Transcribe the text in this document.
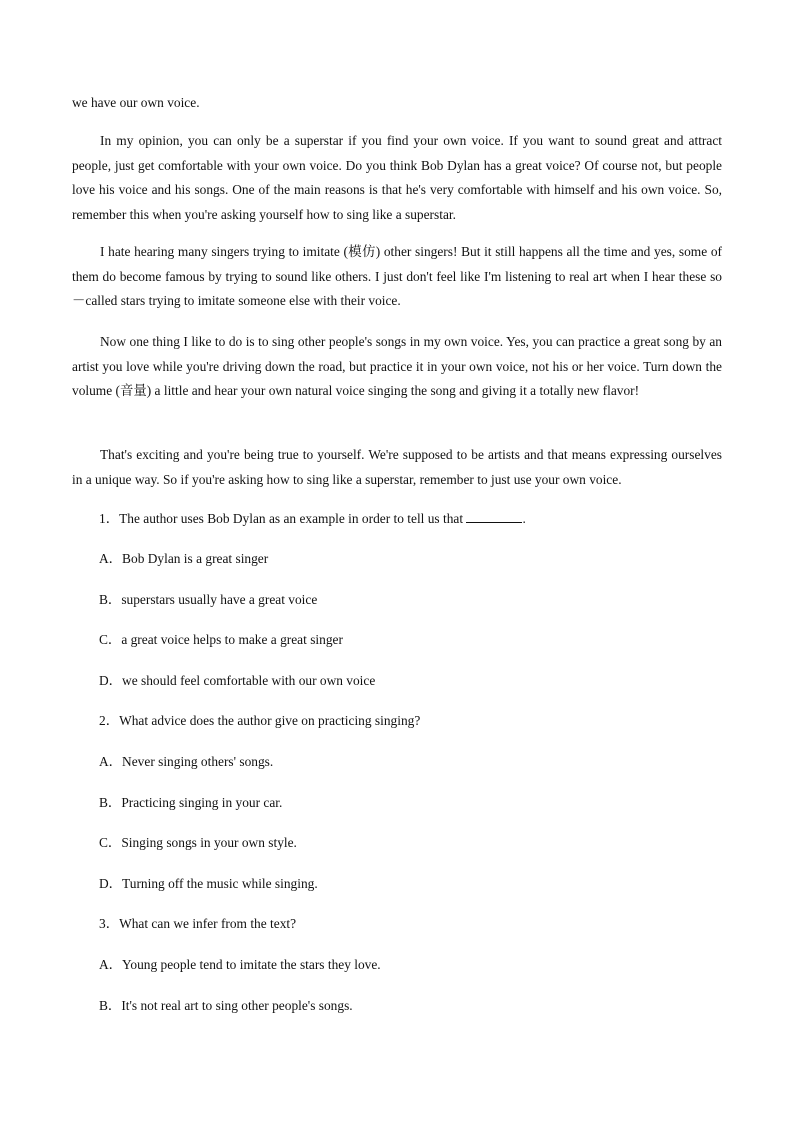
we have our own voice.

In my opinion, you can only be a superstar if you find your own voice. If you want to sound great and attract people, just get comfortable with your own voice. Do you think Bob Dylan has a great voice? Of course not, but people love his voice and his songs. One of the main reasons is that he's very comfortable with himself and his own voice. So, remember this when you're asking yourself how to sing like a superstar.

I hate hearing many singers trying to imitate (模仿) other singers! But it still happens all the time and yes, some of them do become famous by trying to sound like others. I just don't feel like I'm listening to real art when I hear these so－called stars trying to imitate someone else with their voice.

Now one thing I like to do is to sing other people's songs in my own voice. Yes, you can practice a great song by an artist you love while you're driving down the road, but practice it in your own voice, not his or her voice. Turn down the volume (音量) a little and hear your own natural voice singing the song and giving it a totally new flavor!

That's exciting and you're being true to yourself. We're supposed to be artists and that means expressing ourselves in a unique way. So if you're asking how to sing like a superstar, remember to just use your own voice.

1．The author uses Bob Dylan as an example in order to tell us that	.
A．Bob Dylan is a great singer
B．superstars usually have a great voice
C．a great voice helps to make a great singer
D．we should feel comfortable with our own voice
2．What advice does the author give on practicing singing?
A．Never singing others' songs.
B．Practicing singing in your car.
C．Singing songs in your own style.
D．Turning off the music while singing.
3．What can we infer from the text?
A．Young people tend to imitate the stars they love.
B．It's not real art to sing other people's songs.
